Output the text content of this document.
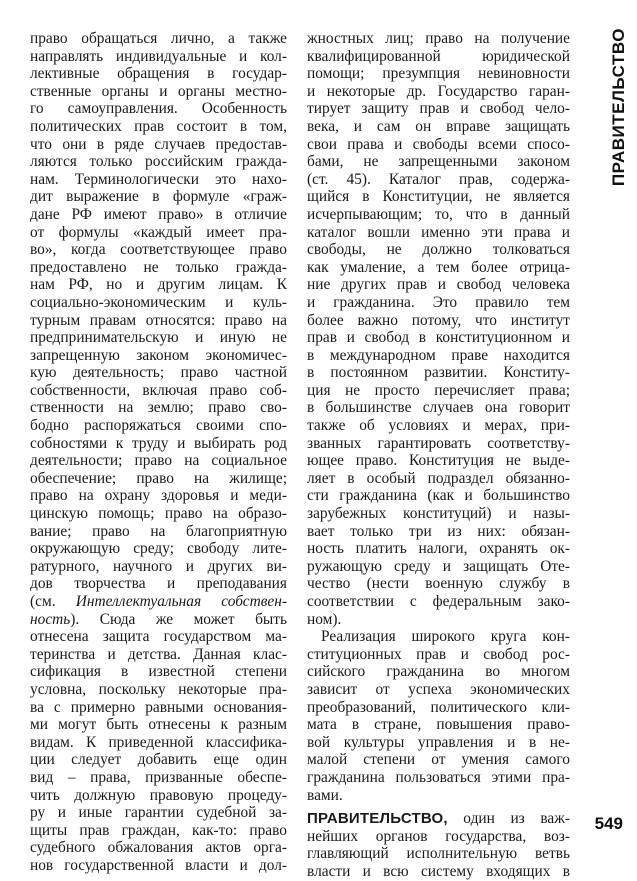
ПРАВИТЕЛЬСТВО
право обращаться лично, а также
направлять индивидуальные и кол-
лективные обращения в государ-
ственные органы и органы местно-
го самоуправления. Особенность
политических прав состоит в том,
что они в ряде случаев предостав-
ляются только российским гражда-
нам. Терминологически это нахо-
дит выражение в формуле «граж-
дане РФ имеют право» в отличие
от формулы «каждый имеет пра-
во», когда соответствующее право
предоставлено не только гражда-
нам РФ, но и другим лицам. К
социально-экономическим и куль-
турным правам относятся: право на
предпринимательскую и иную не
запрещенную законом экономичес-
кую деятельность; право частной
собственности, включая право соб-
ственности на землю; право сво-
бодно распоряжаться своими спо-
собностями к труду и выбирать род
деятельности; право на социальное
обеспечение; право на жилище;
право на охрану здоровья и меди-
цинскую помощь; право на образо-
вание; право на благоприятную
окружающую среду; свободу лите-
ратурного, научного и других ви-
дов творчества и преподавания
(см. Интеллектуальная собствен-
ность). Сюда же может быть
отнесена защита государством ма-
теринства и детства. Данная клас-
сификация в известной степени
условна, поскольку некоторые пра-
ва с примерно равными основания-
ми могут быть отнесены к разным
видам. К приведенной классифика-
ции следует добавить еще один
вид – права, призванные обеспе-
чить должную правовую процеду-
ру и иные гарантии судебной за-
щиты прав граждан, как-то: право
судебного обжалования актов орга-
нов государственной власти и дол-
жностных лиц; право на получение
квалифицированной юридической
помощи; презумпция невиновности
и некоторые др. Государство гаран-
тирует защиту прав и свобод чело-
века, и сам он вправе защищать
свои права и свободы всеми спосо-
бами, не запрещенными законом
(ст. 45). Каталог прав, содержа-
щийся в Конституции, не является
исчерпывающим; то, что в данный
каталог вошли именно эти права и
свободы, не должно толковаться
как умаление, а тем более отрица-
ние других прав и свобод человека
и гражданина. Это правило тем
более важно потому, что институт
прав и свобод в конституционном и
в международном праве находится
в постоянном развитии. Конститу-
ция не просто перечисляет права;
в большинстве случаев она говорит
также об условиях и мерах, при-
званных гарантировать соответству-
ющее право. Конституция не выде-
ляет в особый подраздел обязанно-
сти гражданина (как и большинство
зарубежных конституций) и назы-
вает только три из них: обязан-
ность платить налоги, охранять ок-
ружающую среду и защищать Оте-
чество (нести военную службу в
соответствии с федеральным зако-
ном).
Реализация широкого круга кон-
ституционных прав и свобод рос-
сийского гражданина во многом
зависит от успеха экономических
преобразований, политического кли-
мата в стране, повышения право-
вой культуры управления и в не-
малой степени от умения самого
гражданина пользоваться этими пра-
вами.
ПРАВИТЕЛЬСТВО, один из важ-
нейших органов государства, воз-
главляющий исполнительную ветвь
власти и всю систему входящих в
549
